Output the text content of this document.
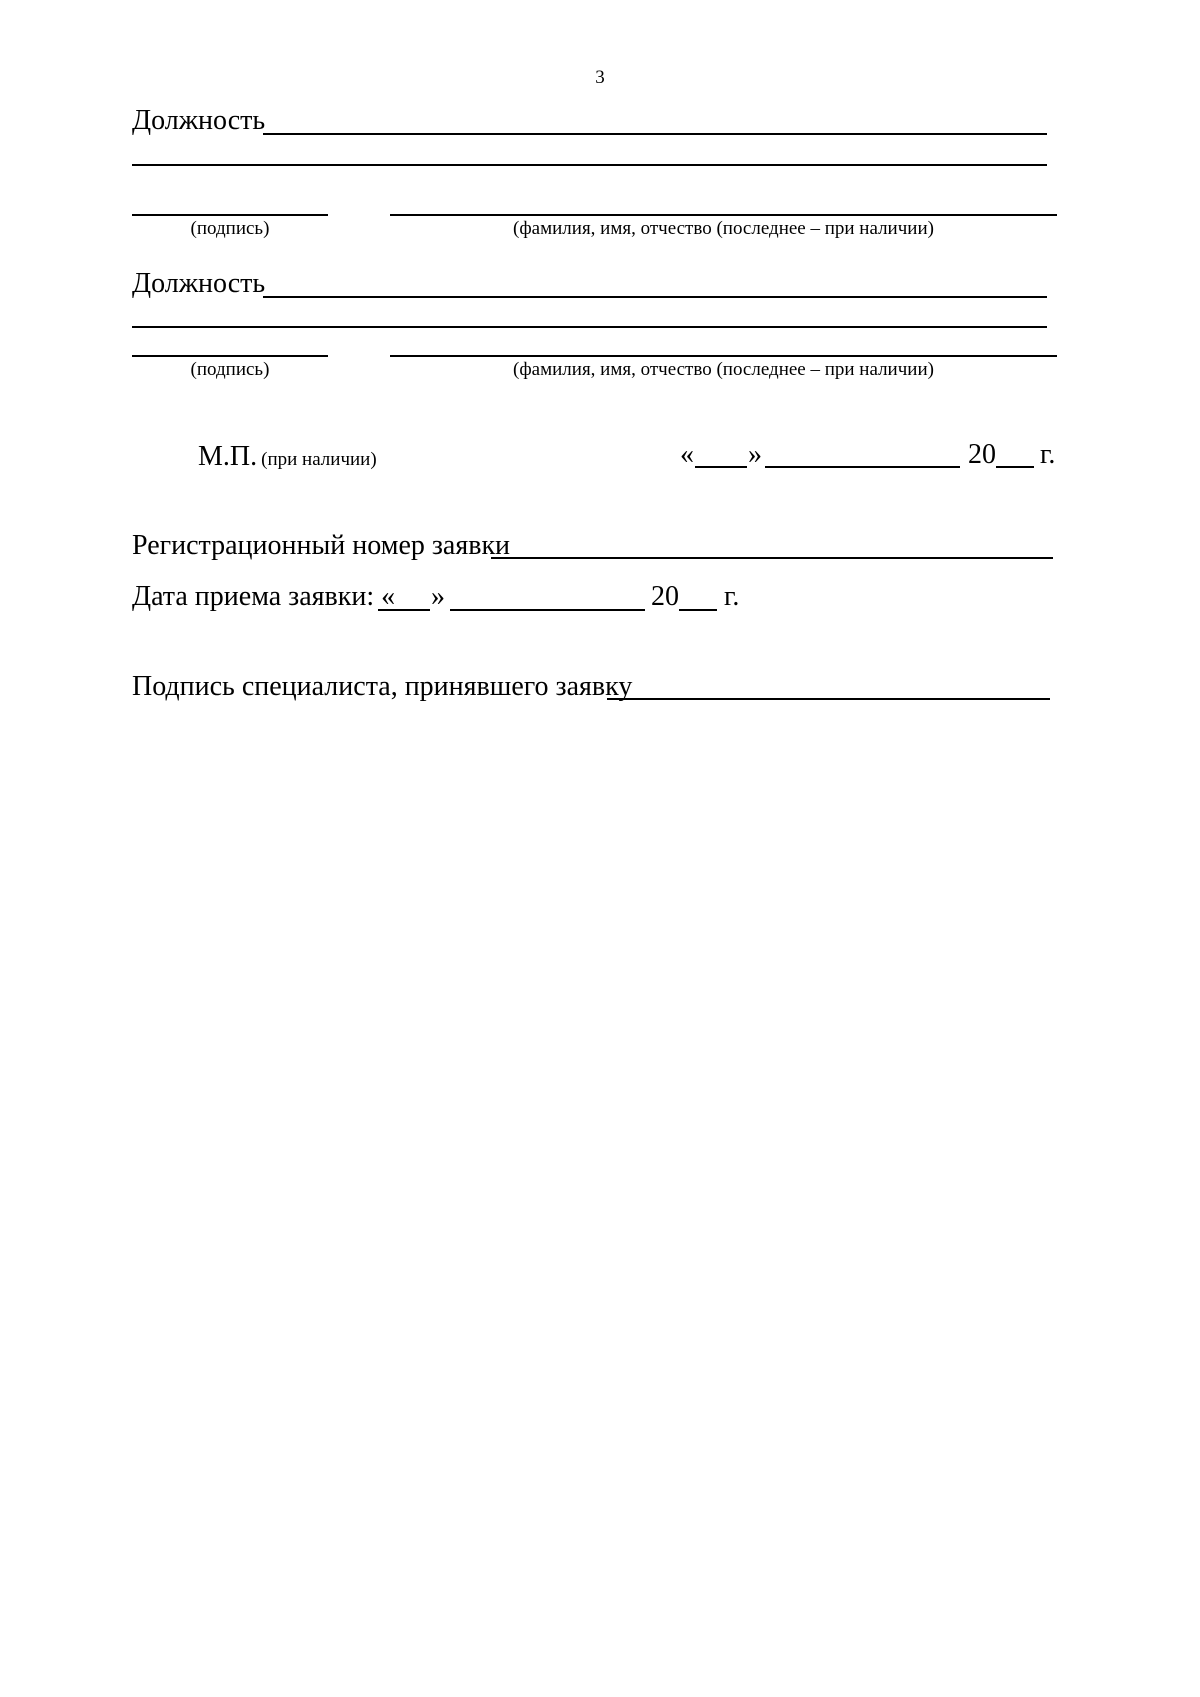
3
Должность
(подпись)	(фамилия, имя, отчество (последнее – при наличии)
Должность
(подпись)	(фамилия, имя, отчество (последнее – при наличии)
М.П. (при наличии)	« »	20 г.
Регистрационный номер заявки
Дата приема заявки: « »	20 г.
Подпись специалиста, принявшего заявку
